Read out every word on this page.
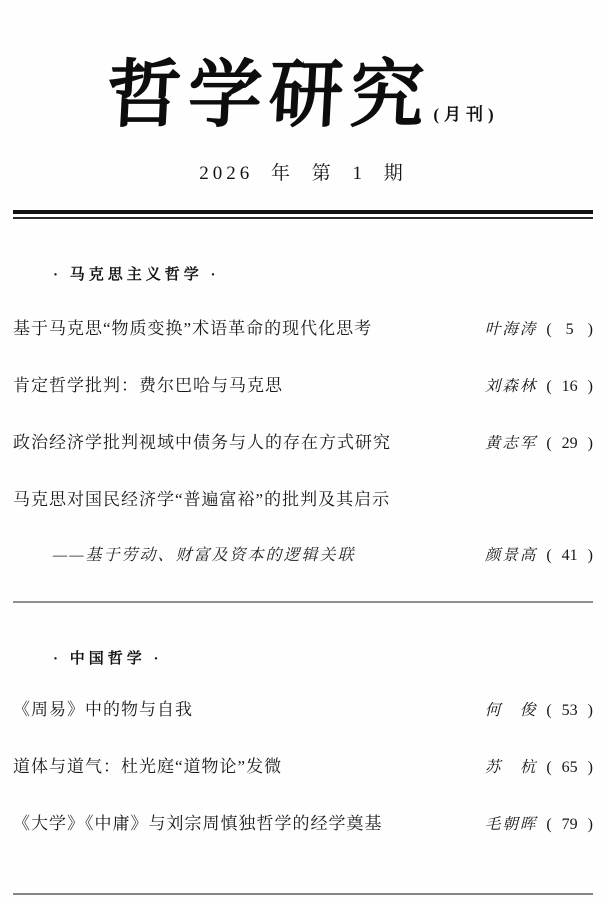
哲学研究(月刊)
2026 年 第 1 期
· 马克思主义哲学 ·
基于马克思“物质变换”术语革命的现代化思考	叶海涛 ( 5 )
肯定哲学批判：费尔巴哈与马克思	刘森林 ( 16 )
政治经济学批判视域中债务与人的存在方式研究	黄志军 ( 29 )
马克思对国民经济学“普遍富裕”的批判及其启示
——基于劳动、财富及资本的逻辑关联	颜景高 ( 41 )
· 中国哲学 ·
《周易》中的物与自我	何　俊 ( 53 )
道体与道气：杜光庭“道物论”发微	苏　杭 ( 65 )
《大学》《中庸》与刘宗周慎独哲学的经学奠基	毛朝晖 ( 79 )
